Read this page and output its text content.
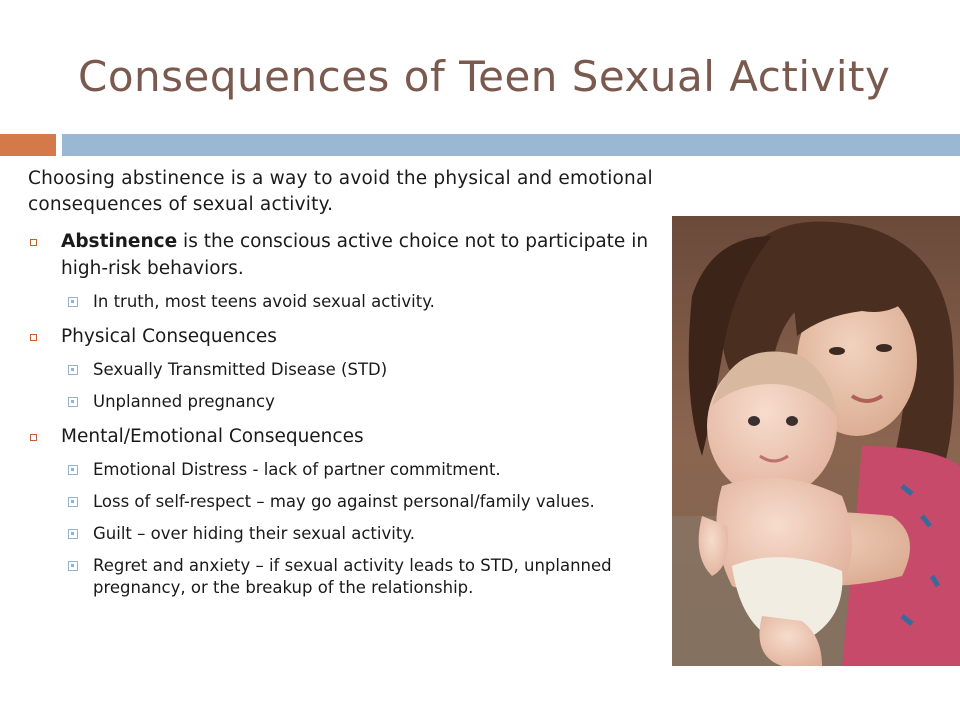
Consequences of Teen Sexual Activity
Choosing abstinence is a way to avoid the physical and emotional consequences of sexual activity.
Abstinence is the conscious active choice not to participate in high-risk behaviors.
In truth, most teens avoid sexual activity.
Physical Consequences
Sexually Transmitted Disease (STD)
Unplanned pregnancy
Mental/Emotional Consequences
Emotional Distress - lack of partner commitment.
Loss of self-respect – may go against personal/family values.
Guilt – over hiding their sexual activity.
Regret and anxiety – if sexual activity leads to STD, unplanned pregnancy, or the breakup of the relationship.
